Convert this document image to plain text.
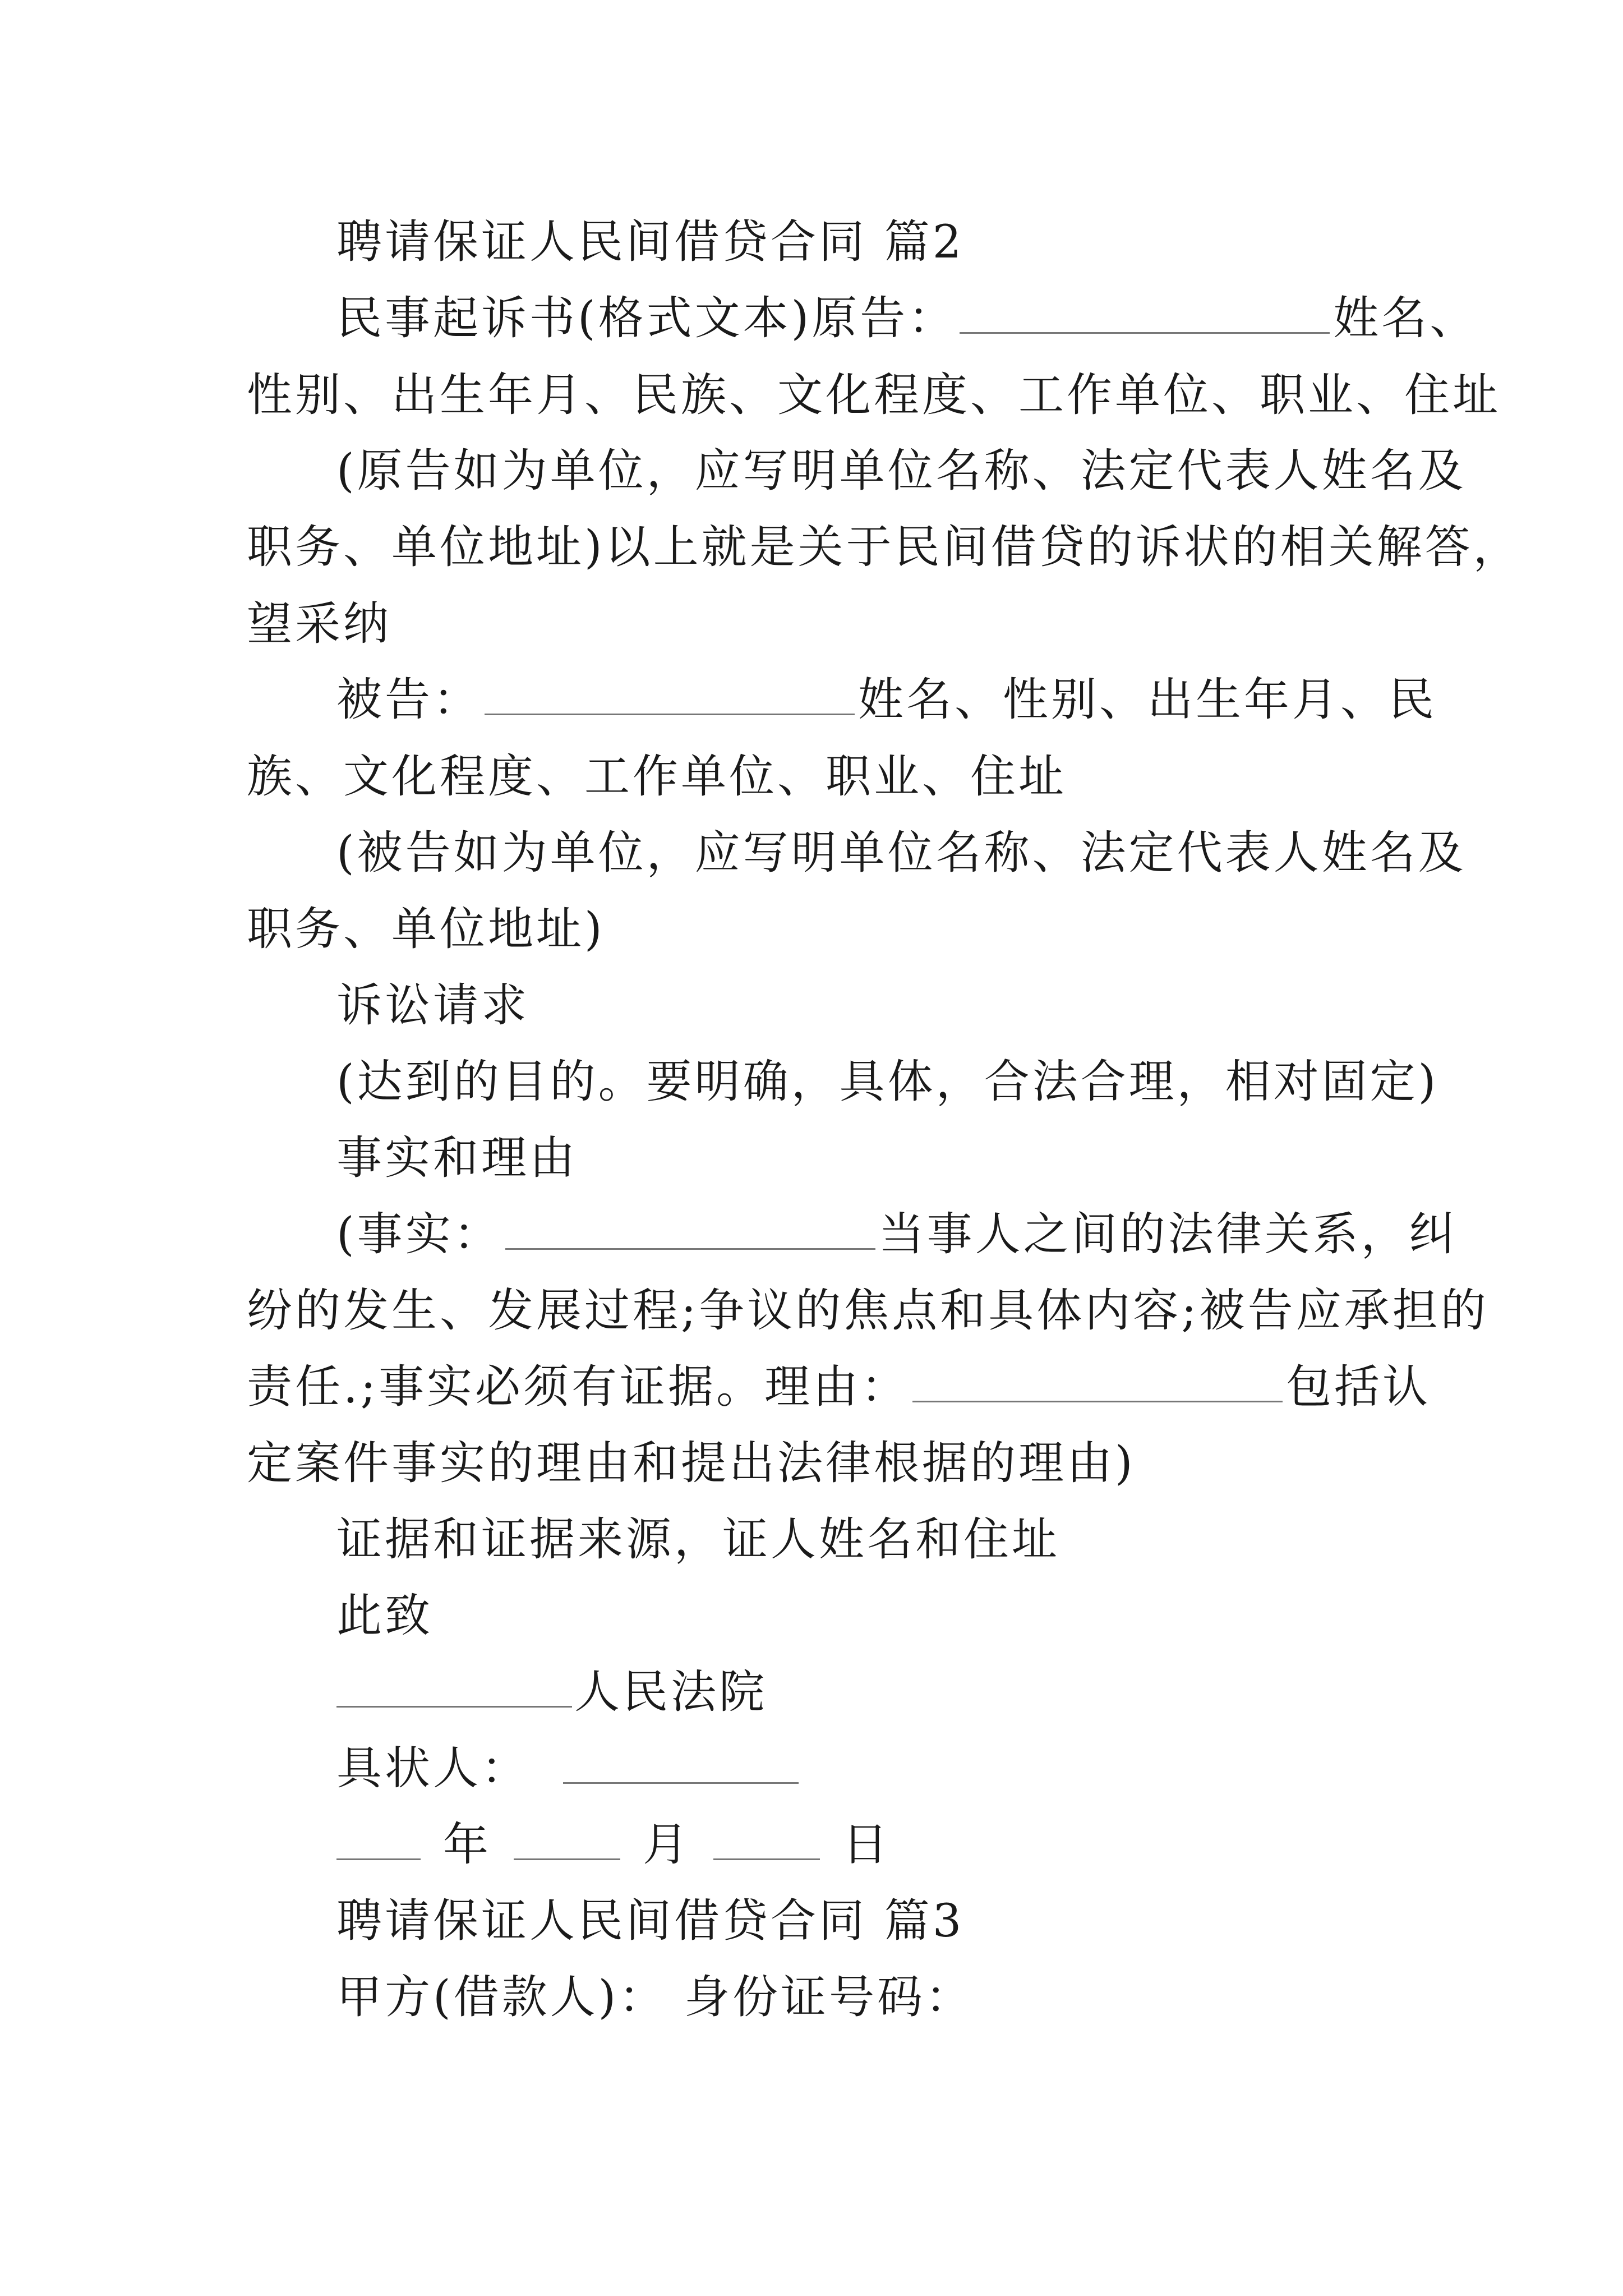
聘请保证人民间借贷合同 篇2
民事起诉书(格式文本)原告：	姓名、
性别、出生年月、民族、文化程度、工作单位、职业、住址
(原告如为单位，应写明单位名称、法定代表人姓名及
职务、单位地址)以上就是关于民间借贷的诉状的相关解答，
望采纳
被告：	姓名、性别、出生年月、民
族、文化程度、工作单位、职业、住址
(被告如为单位，应写明单位名称、法定代表人姓名及
职务、单位地址)
诉讼请求
(达到的目的。要明确，具体，合法合理，相对固定)
事实和理由
(事实：	当事人之间的法律关系，纠
纷的发生、发展过程;争议的焦点和具体内容;被告应承担的
责任.;事实必须有证据。理由：	包括认
定案件事实的理由和提出法律根据的理由)
证据和证据来源，证人姓名和住址
此致
人民法院
具状人：
年	月	日
聘请保证人民间借贷合同 篇3
甲方(借款人)： 身份证号码：
